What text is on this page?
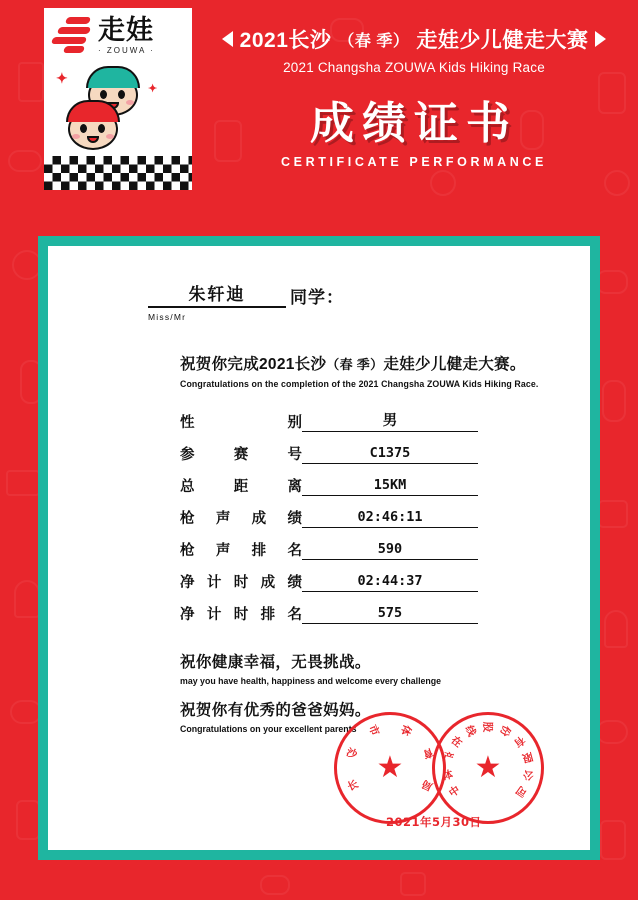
走娃
· ZOUWA ·
✦
✦
2021长沙 （春 季） 走娃少儿健走大赛
2021 Changsha ZOUWA Kids Hiking Race
成绩证书
CERTIFICATE PERFORMANCE
朱轩迪	同学：
Miss/Mr
祝贺你完成2021长沙（春 季）走娃少儿健走大赛。
Congratulations on the completion of the 2021 Changsha ZOUWA Kids Hiking Race.
性	别	男
参	赛	号	C1375
总	距	离	15KM
枪 声 成 绩	02:46:11
枪 声 排 名	590
净 计 时 成 绩	02:44:37
净 计 时 排 名	575
祝你健康幸福，无畏挑战。
may you have health, happiness and welcome every challenge
祝贺你有优秀的爸爸妈妈。
Congratulations on your excellent parents
长
沙
市 体
育
局
★
中
体
产
在
线 股 份
有
限
公
司
★
2021年5月30日
